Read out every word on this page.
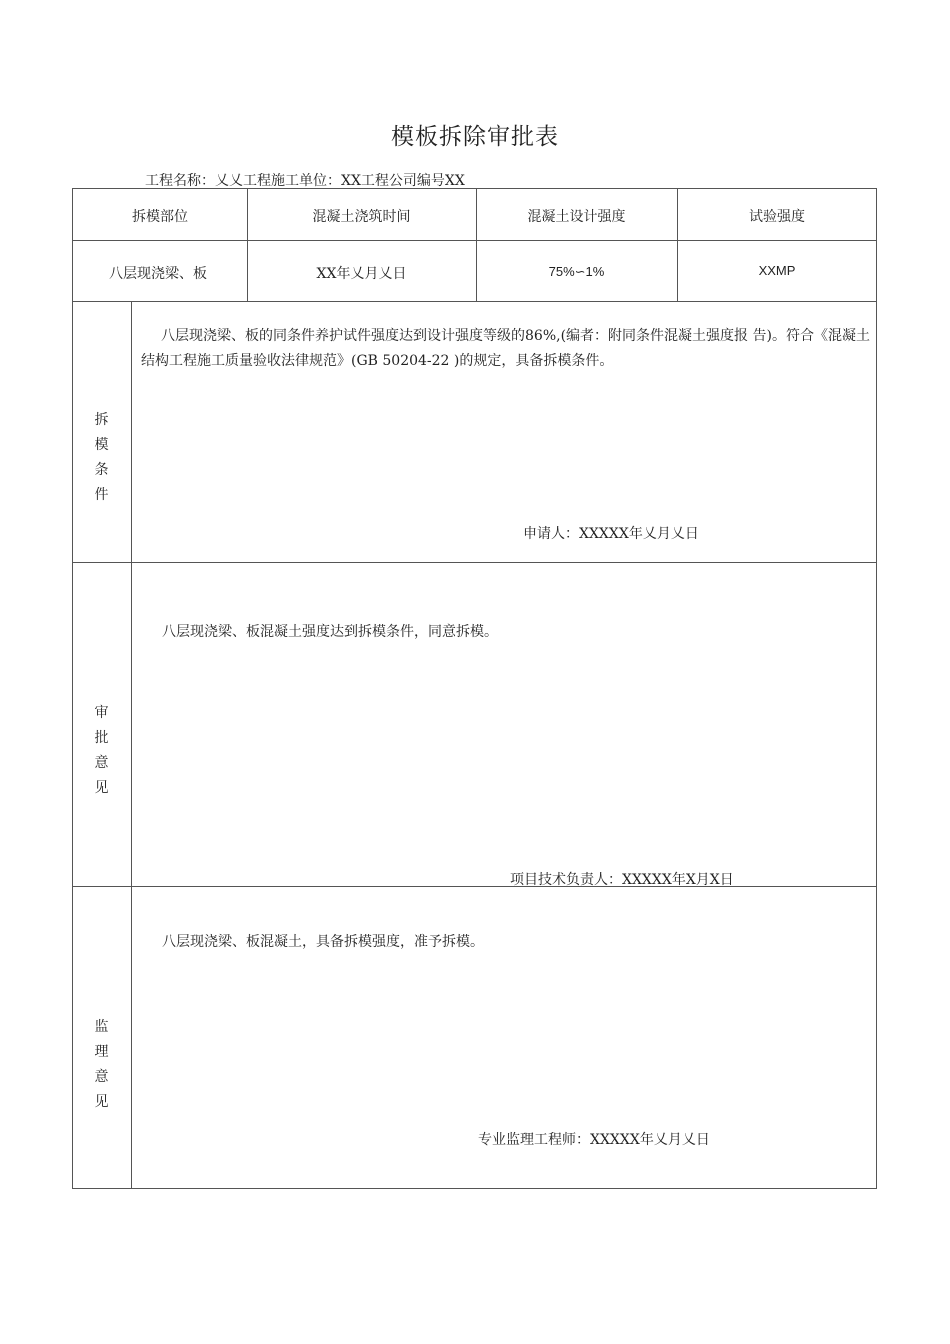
模板拆除审批表
工程名称：乂乂工程施工单位：XX工程公司编号XX
拆模部位	混凝土浇筑时间	混凝土设计强度	试验强度
八层现浇梁、板	XX年乂月乂日	75%∽1%	XXMP
拆 模
条 件
八层现浇梁、板的同条件养护试件强度达到设计强度等级的86%,(编者：附同条件混凝土强度报 告)。符合《混凝土结构工程施工质量验收法律规范》(GB 50204-22 )的规定，具备拆模条件。
申请人：XXXXX年乂月乂日
审 批
意 见
八层现浇梁、板混凝土强度达到拆模条件，同意拆模。
项目技术负责人：XXXXX年X月X日
监 理
意 见
八层现浇梁、板混凝土，具备拆模强度，准予拆模。
专业监理工程师：XXXXX年乂月乂日
